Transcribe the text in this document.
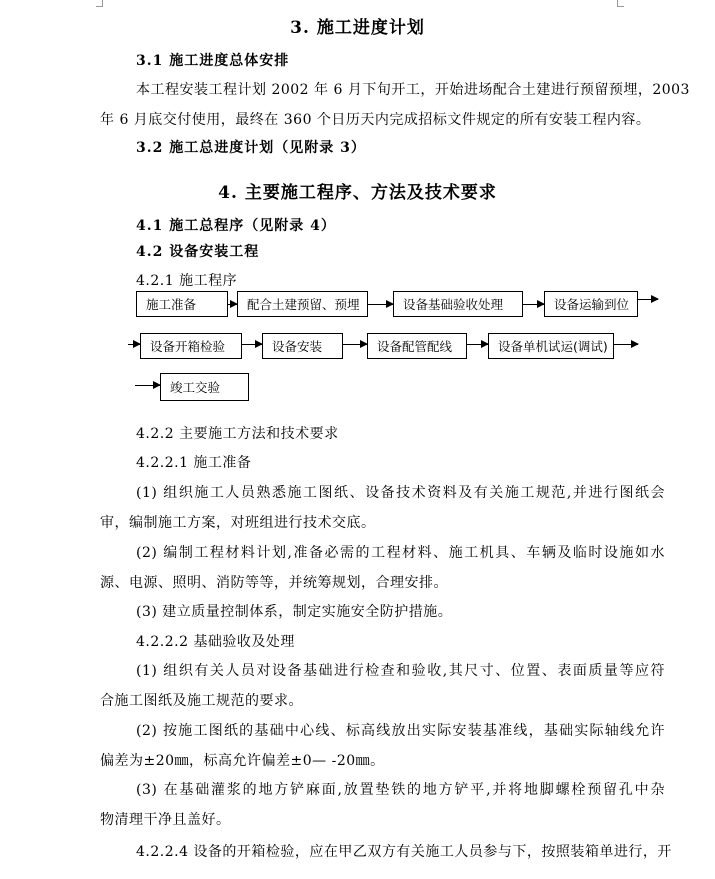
3. 施工进度计划
3.1 施工进度总体安排
本工程安装工程计划 2002 年 6 月下旬开工，开始进场配合土建进行预留预埋，2003
年 6 月底交付使用，最终在 360 个日历天内完成招标文件规定的所有安装工程内容。
3.2 施工总进度计划（见附录 3）
4. 主要施工程序、方法及技术要求
4.1 施工总程序（见附录 4）
4.2 设备安装工程
4.2.1 施工程序
施工准备	配合土建预留、预埋	设备基础验收处理	设备运输到位
设备开箱检验	设备安装	设备配管配线	设备单机试运(调试)
竣工交验
4.2.2 主要施工方法和技术要求
4.2.2.1 施工准备
(1) 组织施工人员熟悉施工图纸、设备技术资料及有关施工规范,并进行图纸会
审，编制施工方案，对班组进行技术交底。
(2) 编制工程材料计划,准备必需的工程材料、施工机具、车辆及临时设施如水
源、电源、照明、消防等等，并统筹规划，合理安排。
(3) 建立质量控制体系，制定实施安全防护措施。
4.2.2.2 基础验收及处理
(1) 组织有关人员对设备基础进行检查和验收,其尺寸、位置、表面质量等应符
合施工图纸及施工规范的要求。
(2) 按施工图纸的基础中心线、标高线放出实际安装基准线，基础实际轴线允许
偏差为±20㎜，标高允许偏差±0— -20㎜。
(3) 在基础灌浆的地方铲麻面,放置垫铁的地方铲平,并将地脚螺栓预留孔中杂
物清理干净且盖好。
4.2.2.4 设备的开箱检验，应在甲乙双方有关施工人员参与下，按照装箱单进行，开
